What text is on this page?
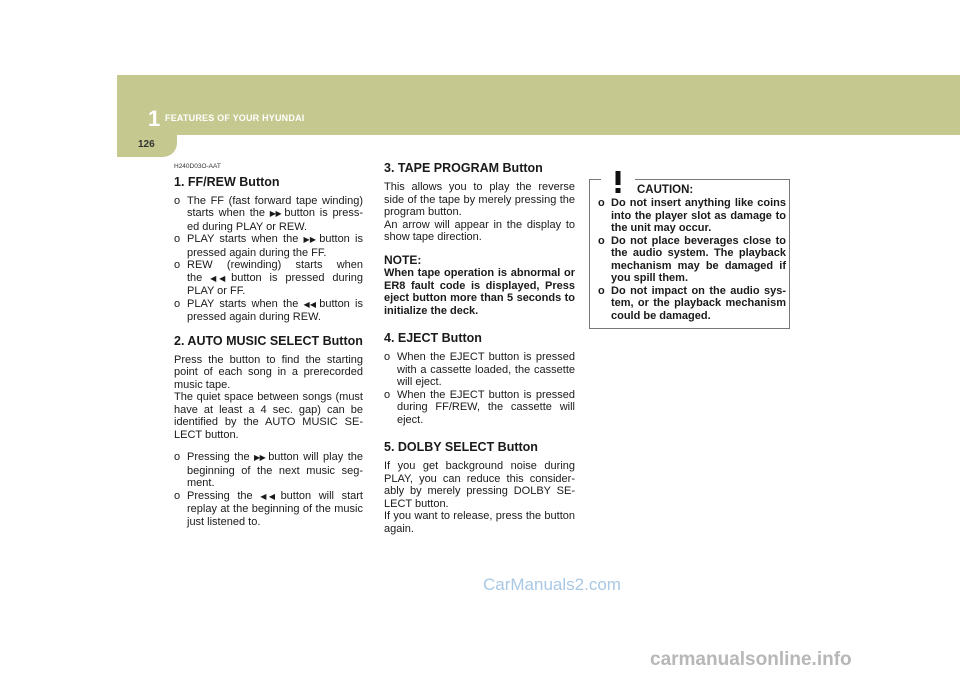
1 FEATURES OF YOUR HYUNDAI
126
H240D03O-AAT
1. FF/REW Button
o The FF (fast forward tape winding) starts when the ▶▶ button is press-ed during PLAY or REW.
o PLAY starts when the ▶▶ button is pressed again during the FF.
o REW (rewinding) starts when the ◀◀ button is pressed during PLAY or FF.
o PLAY starts when the ◀◀ button is pressed again during REW.
2. AUTO MUSIC SELECT Button

Press the button to find the starting point of each song in a prerecorded music tape.

The quiet space between songs (must have at least a 4 sec. gap) can be identified by the AUTO MUSIC SE-LECT button.

o Pressing the ▶▶ button will play the beginning of the next music seg-ment.
o Pressing the ◀◀ button will start replay at the beginning of the music just listened to.
3. TAPE PROGRAM Button

This allows you to play the reverse side of the tape by merely pressing the program button.

An arrow will appear in the display to show tape direction.

NOTE:
When tape operation is abnormal or ER8 fault code is displayed, Press eject button more than 5 seconds to initialize the deck.
4. EJECT Button
o When the EJECT button is pressed with a cassette loaded, the cassette will eject.
o When the EJECT button is pressed during FF/REW, the cassette will eject.
5. DOLBY SELECT Button

If you get background noise during PLAY, you can reduce this consider-ably by merely pressing DOLBY SE-LECT button.

If you want to release, press the button again.

CAUTION:
o Do not insert anything like coins into the player slot as damage to the unit may occur.
o Do not place beverages close to the audio system. The playback mechanism may be damaged if you spill them.
o Do not impact on the audio sys-tem, or the playback mechanism could be damaged.
CarManuals2.com
carmanualsonline.info
